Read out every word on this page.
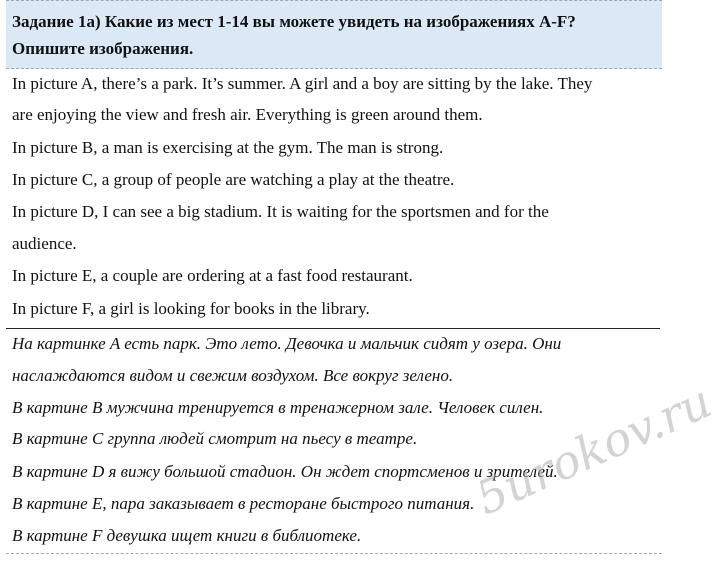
Задание 1а) Какие из мест 1-14 вы можете увидеть на изображениях A-F?
Опишите изображения.
In picture A, there’s a park. It’s summer. A girl and a boy are sitting by the lake. They
are enjoying the view and fresh air. Everything is green around them.
In picture B, a man is exercising at the gym. The man is strong.
In picture C, a group of people are watching a play at the theatre.
In picture D, I can see a big stadium. It is waiting for the sportsmen and for the
audience.
In picture E, a couple are ordering at a fast food restaurant.
In picture F, a girl is looking for books in the library.
На картинке A есть парк. Это лето. Девочка и мальчик сидят у озера. Они
наслаждаются видом и свежим воздухом. Все вокруг зелено.
В картине B мужчина тренируется в тренажерном зале. Человек силен.
В картине C группа людей смотрит на пьесу в театре.
В картине D я вижу большой стадион. Он ждет спортсменов и зрителей.
В картине E, пара заказывает в ресторане быстрого питания.
В картине F девушка ищет книги в библиотеке.
5urokov.ru
